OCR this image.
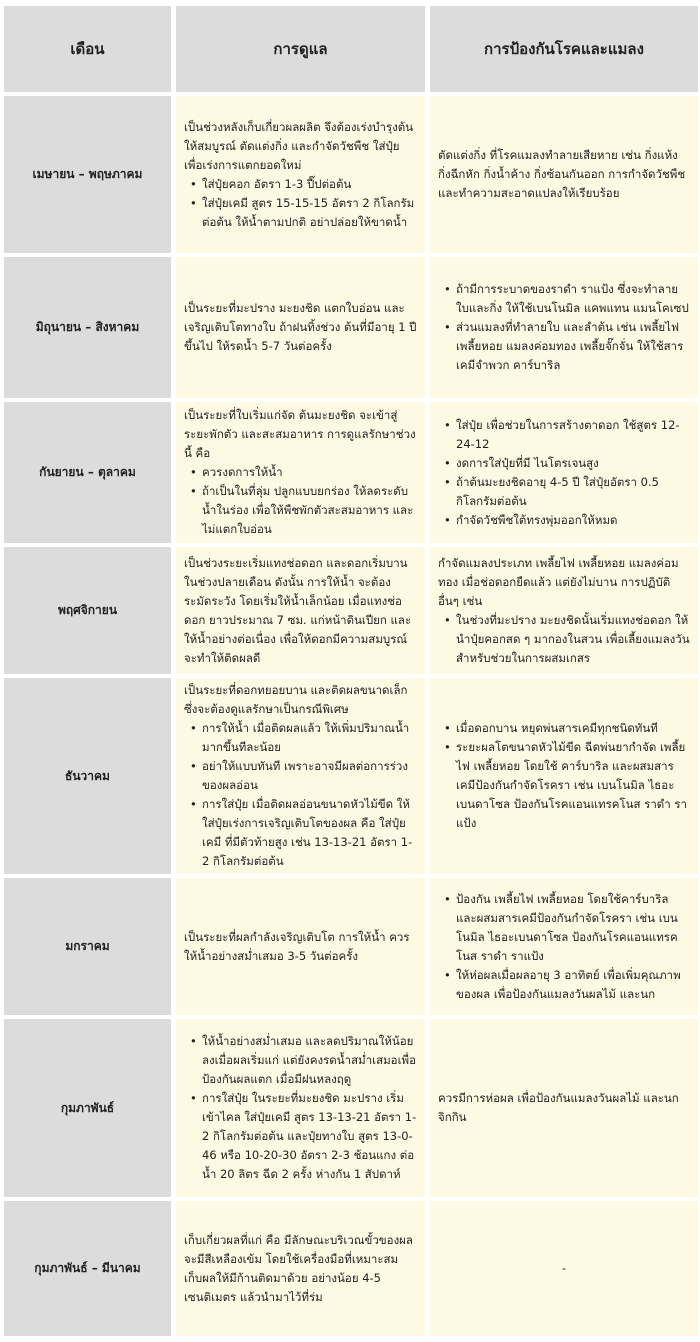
เดือน	การดูแล	การป้องกันโรคและแมลง
เมษายน – พฤษภาคม

เป็นช่วงหลังเก็บเกี่ยวผลผลิต จึงต้องเร่งบำรุงต้นให้สมบูรณ์ ตัดแต่งกิ่ง และกำจัดวัชพืช ใส่ปุ๋ยเพื่อเร่งการแตกยอดใหม่

• ใส่ปุ๋ยคอก อัตรา 1-3 ปี๊ปต่อต้น
• ใส่ปุ๋ยเคมี สูตร 15-15-15 อัตรา 2 กิโลกรัมต่อต้น ให้น้ำตามปกติ อย่าปล่อยให้ขาดน้ำ

ตัดแต่งกิ่ง ที่โรคแมลงทำลายเสียหาย เช่น กิ่งแห้ง กิ่งฉีกหัก กิ่งน้ำค้าง กิ่งซ้อนกันออก การกำจัดวัชพืชและทำความสะอาดแปลงให้เรียบร้อย

มิถุนายน – สิงหาคม

เป็นระยะที่มะปราง มะยงชิด แตกใบอ่อน และเจริญเติบโตทางใบ ถ้าฝนทิ้งช่วง ต้นที่มีอายุ 1 ปีขึ้นไป ให้รดน้ำ 5-7 วันต่อครั้ง

• ถ้ามีการระบาดของราดำ ราแป้ง ซึ่งจะทำลายใบและกิ่ง ให้ใช้เบนโนมิล แคพแทน แมนโคเซป
• ส่วนแมลงที่ทำลายใบ และลำต้น เช่น เพลี้ยไฟ เพลี้ยหอย แมลงค่อมทอง เพลี้ยจั๊กจั่น ให้ใช้สารเคมีจำพวก คาร์บาริล
กันยายน – ตุลาคม

เป็นระยะที่ใบเริ่มแก่จัด ต้นมะยงชิด จะเข้าสู่ ระยะพักตัว และสะสมอาหาร การดูแลรักษาช่วงนี้ คือ

• ควรงดการให้น้ำ
• ถ้าเป็นในที่ลุ่ม ปลูกแบบยกร่อง ให้ลดระดับน้ำในร่อง เพื่อให้พืชพักตัวสะสมอาหาร และไม่แตกใบอ่อน
• ใส่ปุ๋ย เพื่อช่วยในการสร้างตาดอก ใช้สูตร 12-24-12
• งดการใส่ปุ๋ยที่มี ไนโตรเจนสูง
• ถ้าต้นมะยงชิดอายุ 4-5 ปี ใส่ปุ๋ยอัตรา 0.5 กิโลกรัมต่อต้น
• กำจัดวัชพืชใต้ทรงพุ่มออกให้หมด
พฤศจิกายน

เป็นช่วงระยะเริ่มแทงช่อดอก และดอกเริ่มบานในช่วงปลายเดือน ดังนั้น การให้น้ำ จะต้องระมัดระวัง โดยเริ่มให้น้ำเล็กน้อย เมื่อแทงช่อดอก ยาวประมาณ 7 ซม. แก่หน้าดินเปียก และให้น้ำอย่างต่อเนื่อง เพื่อให้ดอกมีความสมบูรณ์ จะทำให้ติดผลดี

กำจัดแมลงประเภท เพลี้ยไฟ เพลี้ยหอย แมลงค่อมทอง เมื่อช่อดอกยืดแล้ว แต่ยังไม่บาน การปฏิบัติอื่นๆ เช่น

• ในช่วงที่มะปราง มะยงชิดนั้นเริ่มแทงช่อดอก ให้นำปุ๋ยคอกสด ๆ มากองในสวน เพื่อเลี้ยงแมลงวัน สำหรับช่วยในการผสมเกสร
ธันวาคม

เป็นระยะที่ดอกทยอยบาน และติดผลขนาดเล็ก ซึ่งจะต้องดูแลรักษาเป็นกรณีพิเศษ

• การให้น้ำ เมื่อติดผลแล้ว ให้เพิ่มปริมาณน้ำมากขึ้นทีละน้อย
• อย่าให้แบบทันที เพราะอาจมีผลต่อการร่วงของผลอ่อน
• การใส่ปุ๋ย เมื่อติดผลอ่อนขนาดหัวไม้ขีด ให้ใส่ปุ๋ยเร่งการเจริญเติบโตของผล คือ ใส่ปุ๋ยเคมี ที่มีตัวท้ายสูง เช่น 13-13-21 อัตรา 1-2 กิโลกรัมต่อต้น
• เมื่อดอกบาน หยุดพ่นสารเคมีทุกชนิดทันที
• ระยะผลโตขนาดหัวไม้ขีด ฉีดพ่นยากำจัด เพลี้ยไฟ เพลี้ยหอย โดยใช้ คาร์บาริล และผสมสารเคมีป้องกันกำจัดโรครา เช่น เบนโนมิล ไธอะเบนดาโซล ป้องกันโรคแอนแทรคโนส ราดำ ราแป้ง
มกราคม

เป็นระยะที่ผลกำลังเจริญเติบโต การให้น้ำ ควรให้น้ำอย่างสม่ำเสมอ 3-5 วันต่อครั้ง

• ป้องกัน เพลี้ยไฟ เพลี้ยหอย โดยใช้คาร์บาริล และผสมสารเคมีป้องกันกำจัดโรครา เช่น เบนโนมิล ไธอะเบนดาโซล ป้องกันโรคแอนแทรคโนส ราดำ ราแป้ง
• ให้ห่อผลเมื่อผลอายุ 3 อาทิตย์ เพื่อเพิ่มคุณภาพของผล เพื่อป้องกันแมลงวันผลไม้ และนก
กุมภาพันธ์
• ให้น้ำอย่างสม่ำเสมอ และลดปริมาณให้น้อยลงเมื่อผลเริ่มแก่ แต่ยังคงรดน้ำสม่ำเสมอเพื่อป้องกันผลแตก เมื่อมีฝนหลงฤดู
• การใส่ปุ๋ย ในระยะที่มะยงชิด มะปราง เริ่มเข้าไคล ใส่ปุ๋ยเคมี สูตร 13-13-21 อัตรา 1-2 กิโลกรัมต่อต้น และปุ๋ยทางใบ สูตร 13-0-46 หรือ 10-20-30 อัตรา 2-3 ช้อนแกง ต่อน้ำ 20 ลิตร ฉีด 2 ครั้ง ห่างกัน 1 สัปดาห์

ควรมีการห่อผล เพื่อป้องกันแมลงวันผลไม้ และนกจิกกิน

กุมภาพันธ์ – มีนาคม

เก็บเกี่ยวผลที่แก่ คือ มีลักษณะบริเวณขั้วของผล จะมีสีเหลืองเข้ม โดยใช้เครื่องมือที่เหมาะสม เก็บผลให้มีก้านติดมาด้วย อย่างน้อย 4-5 เซนติเมตร แล้วนำมาไว้ที่ร่ม

-
